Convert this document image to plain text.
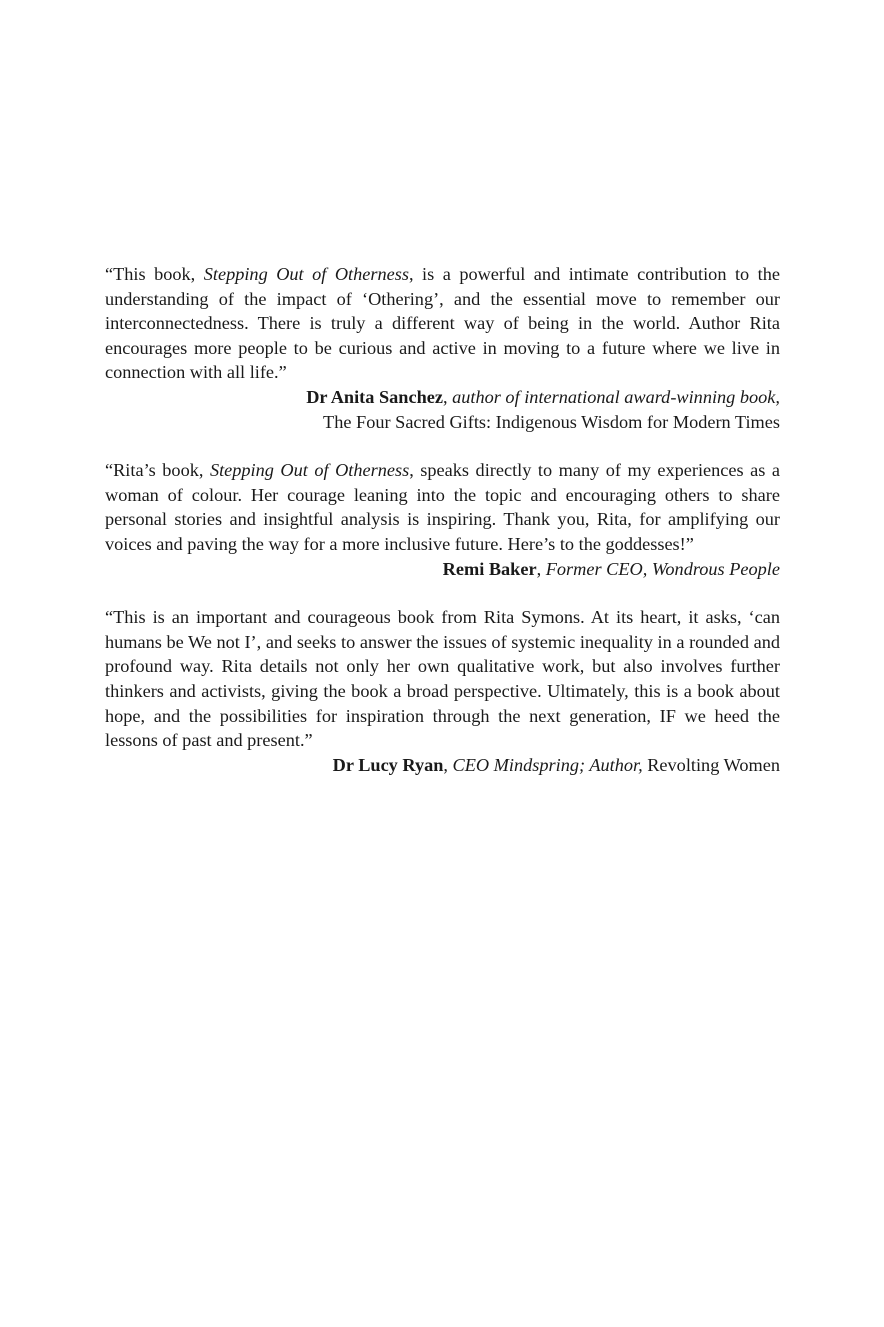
“This book, Stepping Out of Otherness, is a powerful and intimate contribution to the understanding of the impact of ‘Othering’, and the essential move to remember our interconnectedness. There is truly a different way of being in the world. Author Rita encourages more people to be curious and active in moving to a future where we live in connection with all life.”

Dr Anita Sanchez, author of international award-winning book,

The Four Sacred Gifts: Indigenous Wisdom for Modern Times

“Rita’s book, Stepping Out of Otherness, speaks directly to many of my experiences as a woman of colour. Her courage leaning into the topic and encouraging others to share personal stories and insightful analysis is inspiring. Thank you, Rita, for amplifying our voices and paving the way for a more inclusive future. Here’s to the goddesses!”

Remi Baker, Former CEO, Wondrous People

“This is an important and courageous book from Rita Symons. At its heart, it asks, ‘can humans be We not I’, and seeks to answer the issues of systemic inequality in a rounded and profound way. Rita details not only her own qualitative work, but also involves further thinkers and activists, giving the book a broad perspective. Ultimately, this is a book about hope, and the possibilities for inspiration through the next generation, IF we heed the lessons of past and present.”

Dr Lucy Ryan, CEO Mindspring; Author, Revolting Women
